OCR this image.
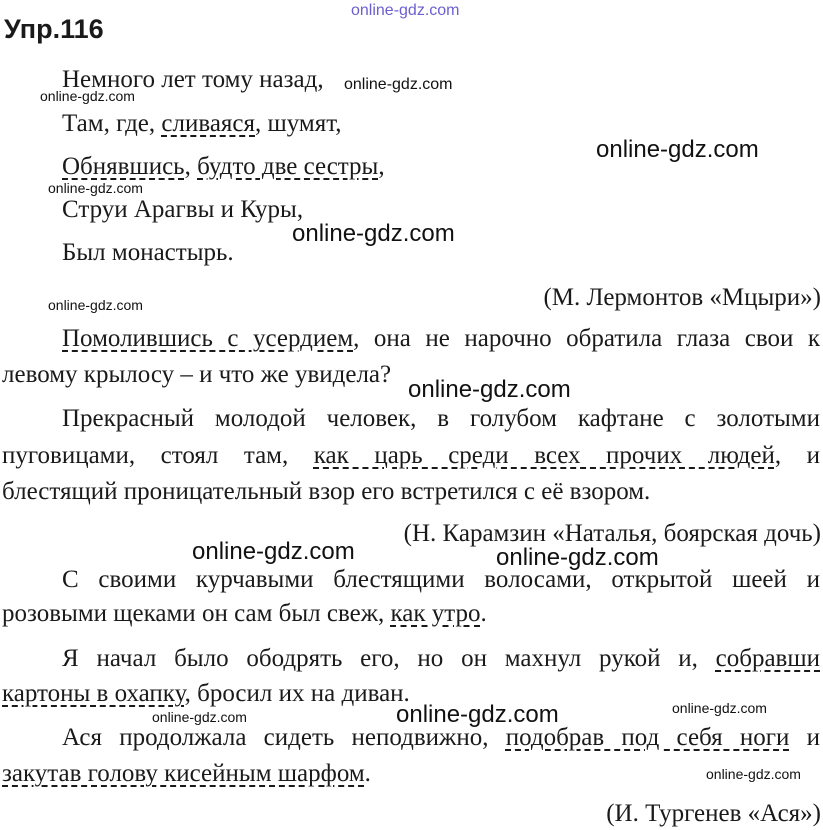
online-gdz.com
online-gdz.com
online-gdz.com
online-gdz.com
online-gdz.com
online-gdz.com
online-gdz.com
online-gdz.com
online-gdz.com	online-gdz.com
online-gdz.com
online-gdz.com
online-gdz.com
online-gdz.com
Упр.116
Немного лет тому назад,
Там, где, сливаяся, шумят,
Обнявшись, будто две сестры,
Струи Арагвы и Куры,
Был монастырь.
(М. Лермонтов «Мцыри»)
Помолившись с усердием, она не нарочно обратила глаза свои к
левому крылосу – и что же увидела?
Прекрасный молодой человек, в голубом кафтане с золотыми
пуговицами, стоял там, как царь среди всех прочих людей, и
блестящий проницательный взор его встретился с её взором.
(Н. Карамзин «Наталья, боярская дочь)
С своими курчавыми блестящими волосами, открытой шеей и
розовыми щеками он сам был свеж, как утро.
Я начал было ободрять его, но он махнул рукой и, собравши
картоны в охапку, бросил их на диван.
Ася продолжала сидеть неподвижно, подобрав под себя ноги и
закутав голову кисейным шарфом.
(И. Тургенев «Ася»)
